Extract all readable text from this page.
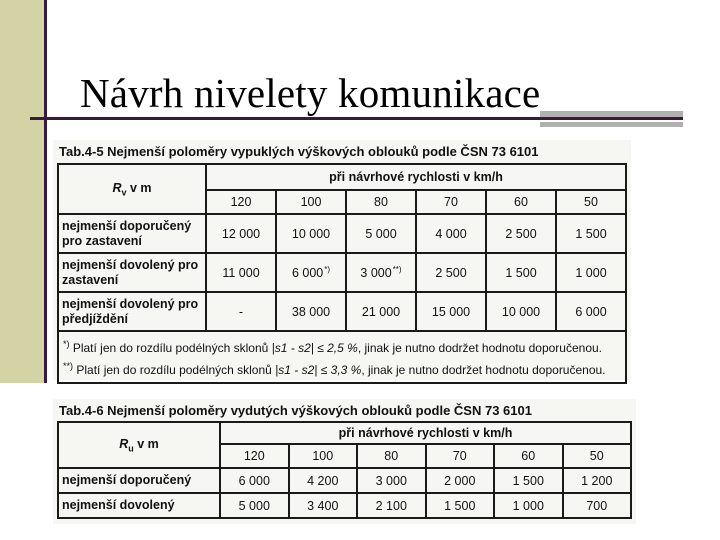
Návrh nivelety komunikace
Tab.4-5 Nejmenší poloměry vypuklých výškových oblouků podle ČSN 73 6101
$R_v$ v m	při návrhové rychlosti v km/h					
	120	100	80	70	60	50
nejmenší doporučený pro zastavení	12 000	10 000	5 000	4 000	2 500	1 500
nejmenší dovolený pro zastavení	11 000	6 000*)	3 000**)	2 500	1 500	1 000
nejmenší dovolený pro předjíždění	-	38 000	21 000	15 000	10 000	6 000

*) Platí jen do rozdílu podélných sklonů |s1 - s2| ≤ 2,5 %, jinak je nutno dodržet hodnotu doporučenou.
**) Platí jen do rozdílu podélných sklonů |s1 - s2| ≤ 3,3 %, jinak je nutno dodržet hodnotu doporučenou.						
Tab.4-6 Nejmenší poloměry vydutých výškových oblouků podle ČSN 73 6101
$R_u$ v m	při návrhové rychlosti v km/h					
	120	100	80	70	60	50
nejmenší doporučený	6 000	4 200	3 000	2 000	1 500	1 200
nejmenší dovolený	5 000	3 400	2 100	1 500	1 000	700
